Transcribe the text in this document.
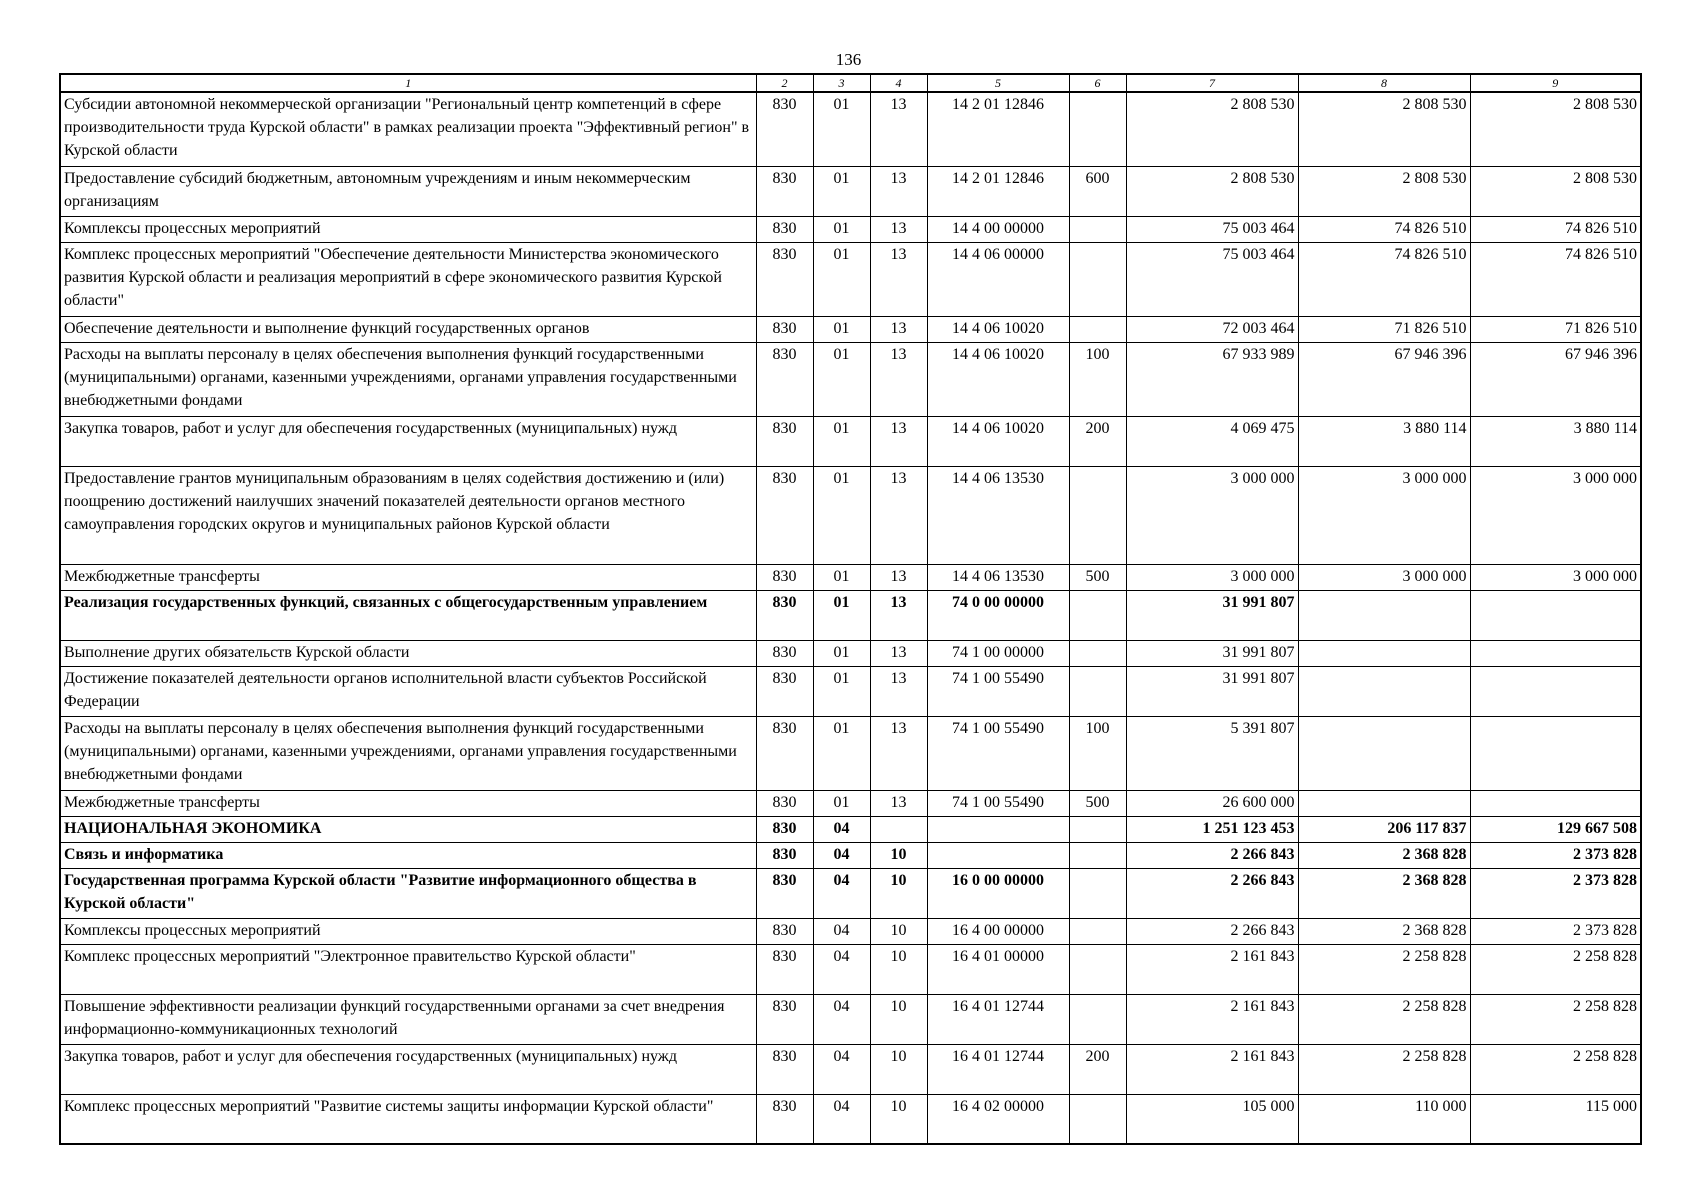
136
1	2	3	4	5	6	7	8	9
Субсидии автономной некоммерческой организации "Региональный центр компетенций в сфере производительности труда Курской области" в рамках реализации проекта "Эффективный регион" в Курской области	830	01	13	14 2 01 12846		2 808 530	2 808 530	2 808 530
Предоставление субсидий бюджетным, автономным учреждениям и иным некоммерческим организациям	830	01	13	14 2 01 12846	600	2 808 530	2 808 530	2 808 530
Комплексы процессных мероприятий	830	01	13	14 4 00 00000		75 003 464	74 826 510	74 826 510
Комплекс процессных мероприятий "Обеспечение деятельности Министерства экономического развития Курской области и реализация мероприятий в сфере экономического развития Курской области"	830	01	13	14 4 06 00000		75 003 464	74 826 510	74 826 510
Обеспечение деятельности и выполнение функций государственных органов	830	01	13	14 4 06 10020		72 003 464	71 826 510	71 826 510
Расходы на выплаты персоналу в целях обеспечения выполнения функций государственными (муниципальными) органами, казенными учреждениями, органами управления государственными внебюджетными фондами	830	01	13	14 4 06 10020	100	67 933 989	67 946 396	67 946 396
Закупка товаров, работ и услуг для обеспечения государственных (муниципальных) нужд	830	01	13	14 4 06 10020	200	4 069 475	3 880 114	3 880 114
Предоставление грантов муниципальным образованиям в целях содействия достижению и (или) поощрению достижений наилучших значений показателей деятельности органов местного самоуправления городских округов и муниципальных районов Курской области	830	01	13	14 4 06 13530		3 000 000	3 000 000	3 000 000
Межбюджетные трансферты	830	01	13	14 4 06 13530	500	3 000 000	3 000 000	3 000 000
Реализация государственных функций, связанных с общегосударственным управлением	830	01	13	74 0 00 00000		31 991 807		
Выполнение других обязательств Курской области	830	01	13	74 1 00 00000		31 991 807		
Достижение показателей деятельности органов исполнительной власти субъектов Российской Федерации	830	01	13	74 1 00 55490		31 991 807		
Расходы на выплаты персоналу в целях обеспечения выполнения функций государственными (муниципальными) органами, казенными учреждениями, органами управления государственными внебюджетными фондами	830	01	13	74 1 00 55490	100	5 391 807		
Межбюджетные трансферты	830	01	13	74 1 00 55490	500	26 600 000		
НАЦИОНАЛЬНАЯ ЭКОНОМИКА	830	04				1 251 123 453	206 117 837	129 667 508
Связь и информатика	830	04	10			2 266 843	2 368 828	2 373 828
Государственная программа Курской области "Развитие информационного общества в Курской области"	830	04	10	16 0 00 00000		2 266 843	2 368 828	2 373 828
Комплексы процессных мероприятий	830	04	10	16 4 00 00000		2 266 843	2 368 828	2 373 828
Комплекс процессных мероприятий "Электронное правительство Курской области"	830	04	10	16 4 01 00000		2 161 843	2 258 828	2 258 828
Повышение эффективности реализации функций государственными органами за счет внедрения информационно-коммуникационных технологий	830	04	10	16 4 01 12744		2 161 843	2 258 828	2 258 828
Закупка товаров, работ и услуг для обеспечения государственных (муниципальных) нужд	830	04	10	16 4 01 12744	200	2 161 843	2 258 828	2 258 828
Комплекс процессных мероприятий "Развитие системы защиты информации Курской области"	830	04	10	16 4 02 00000		105 000	110 000	115 000
